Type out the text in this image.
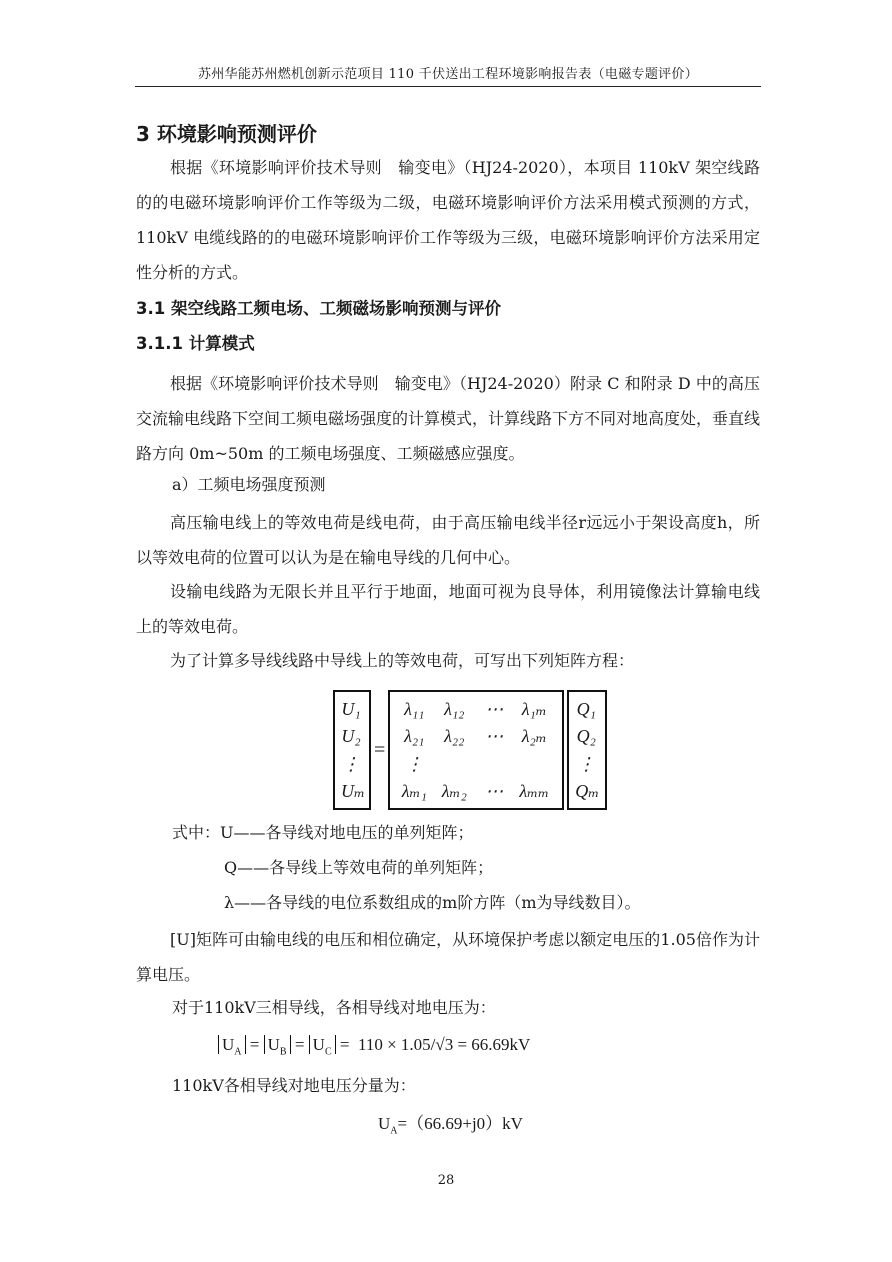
苏州华能苏州燃机创新示范项目 110 千伏送出工程环境影响报告表（电磁专题评价）
3 环境影响预测评价
根据《环境影响评价技术导则　输变电》（HJ24-2020），本项目 110kV 架空线路的的电磁环境影响评价工作等级为二级，电磁环境影响评价方法采用模式预测的方式，110kV 电缆线路的的电磁环境影响评价工作等级为三级，电磁环境影响评价方法采用定性分析的方式。
3.1 架空线路工频电场、工频磁场影响预测与评价
3.1.1 计算模式
根据《环境影响评价技术导则　输变电》（HJ24-2020）附录 C 和附录 D 中的高压交流输电线路下空间工频电磁场强度的计算模式，计算线路下方不同对地高度处，垂直线路方向 0m~50m 的工频电场强度、工频磁感应强度。
a）工频电场强度预测
高压输电线上的等效电荷是线电荷，由于高压输电线半径r远远小于架设高度h，所以等效电荷的位置可以认为是在输电导线的几何中心。
设输电线路为无限长并且平行于地面，地面可视为良导体，利用镜像法计算输电线上的等效电荷。
为了计算多导线线路中导线上的等效电荷，可写出下列矩阵方程：
U₁
U₂
⋮
Uₘ
=
λ₁₁	λ₁₂	⋯	λ₁ₘ
λ₂₁	λ₂₂	⋯	λ₂ₘ
⋮
λₘ₁ λₘ₂	⋯ λₘₘ
Q₁
Q₂
⋮
Qₘ
式中：U——各导线对地电压的单列矩阵；
Q——各导线上等效电荷的单列矩阵；
λ——各导线的电位系数组成的m阶方阵（m为导线数目）。
[U]矩阵可由输电线的电压和相位确定，从环境保护考虑以额定电压的1.05倍作为计算电压。
对于110kV三相导线，各相导线对地电压为：
$U_A = U_B = U_C = 110 \times 1.05/√3 = 66.69kV$
110kV各相导线对地电压分量为：
$U_A=(66.69+j0)kV$
28
